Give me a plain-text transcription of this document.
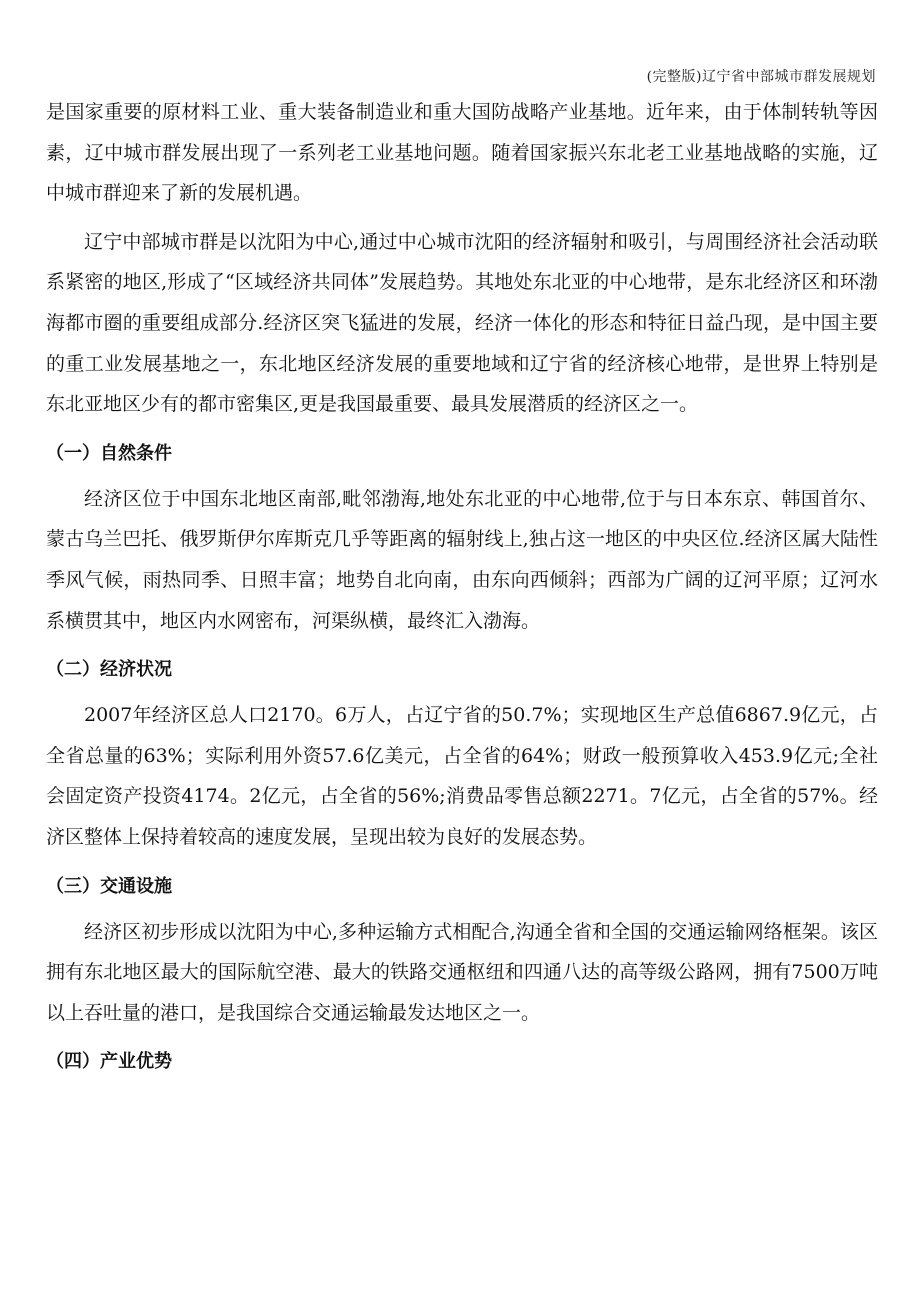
(完整版)辽宁省中部城市群发展规划

是国家重要的原材料工业、重大装备制造业和重大国防战略产业基地。近年来，由于体制转轨等因素，辽中城市群发展出现了一系列老工业基地问题。随着国家振兴东北老工业基地战略的实施，辽中城市群迎来了新的发展机遇。

辽宁中部城市群是以沈阳为中心,通过中心城市沈阳的经济辐射和吸引，与周围经济社会活动联系紧密的地区,形成了“区域经济共同体”发展趋势。其地处东北亚的中心地带，是东北经济区和环渤海都市圈的重要组成部分.经济区突飞猛进的发展，经济一体化的形态和特征日益凸现，是中国主要的重工业发展基地之一，东北地区经济发展的重要地域和辽宁省的经济核心地带，是世界上特别是东北亚地区少有的都市密集区,更是我国最重要、最具发展潜质的经济区之一。

（一）自然条件

经济区位于中国东北地区南部,毗邻渤海,地处东北亚的中心地带,位于与日本东京、韩国首尔、蒙古乌兰巴托、俄罗斯伊尔库斯克几乎等距离的辐射线上,独占这一地区的中央区位.经济区属大陆性季风气候，雨热同季、日照丰富；地势自北向南，由东向西倾斜；西部为广阔的辽河平原；辽河水系横贯其中，地区内水网密布，河渠纵横，最终汇入渤海。

（二）经济状况

2007年经济区总人口2170。6万人，占辽宁省的50.7%；实现地区生产总值6867.9亿元，占全省总量的63%；实际利用外资57.6亿美元，占全省的64%；财政一般预算收入453.9亿元;全社会固定资产投资4174。2亿元，占全省的56%;消费品零售总额2271。7亿元，占全省的57%。经济区整体上保持着较高的速度发展，呈现出较为良好的发展态势。

（三）交通设施

经济区初步形成以沈阳为中心,多种运输方式相配合,沟通全省和全国的交通运输网络框架。该区拥有东北地区最大的国际航空港、最大的铁路交通枢纽和四通八达的高等级公路网，拥有7500万吨以上吞吐量的港口，是我国综合交通运输最发达地区之一。

（四）产业优势
